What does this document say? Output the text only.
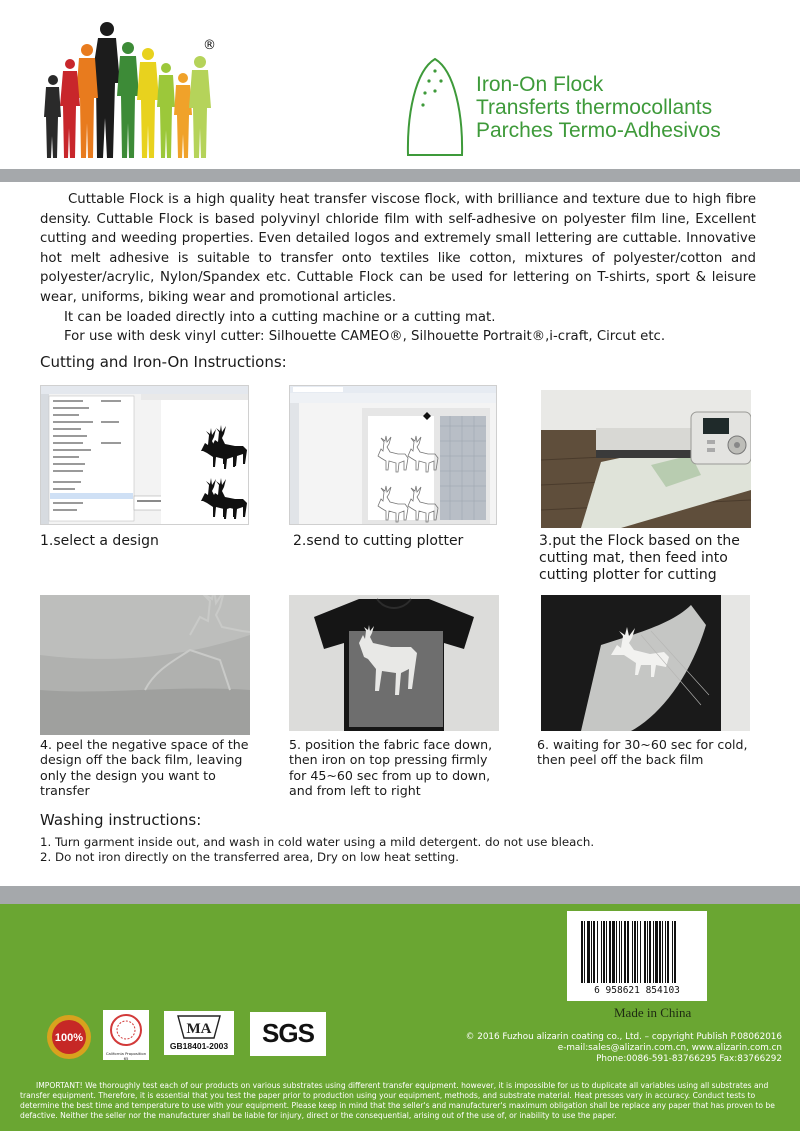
®
Iron-On Flock
Transferts thermocollants
Parches Termo-Adhesivos

Cuttable Flock is a high quality heat transfer viscose flock, with brilliance and texture due to high fibre density. Cuttable Flock is based polyvinyl chloride film with self-adhesive on polyester film line, Excellent cutting and weeding properties. Even detailed logos and extremely small lettering are cuttable. Innovative hot melt adhesive is suitable to transfer onto textiles like cotton, mixtures of polyester/cotton and polyester/acrylic, Nylon/Spandex etc. Cuttable Flock can be used for lettering on T-shirts, sport & leisure wear, uniforms, biking wear and promotional articles.

It can be loaded directly into a cutting machine or a cutting mat.
For use with desk vinyl cutter: Silhouette CAMEO®, Silhouette Portrait®,i-craft, Circut etc.
Cutting and Iron-On Instructions:
1.select a design	2.send to cutting plotter	3.put the Flock based on the cutting mat, then feed into cutting plotter for cutting
4. peel the negative space of the design off the back film, leaving only the design you want to transfer
5. position the fabric face down, then iron on top pressing firmly for 45~60 sec from up to down, and from left to right
6. waiting for 30~60 sec for cold, then peel off the back film
Washing instructions:
1. Turn garment inside out, and wash in cold water using a mild detergent. do not use bleach.
2. Do not iron directly on the transferred area, Dry on low heat setting.
6 958621 854103
Made in China
100%
California Proposition 65
MA
GB18401-2003	SGS	© 2016 Fuzhou alizarin coating co., Ltd. – copyright Publish P.08062016
e-mail:sales@alizarin.com.cn, www.alizarin.com.cn
Phone:0086-591-83766295 Fax:83766292
IMPORTANT! We thoroughly test each of our products on various substrates using different transfer equipment. however, it is impossible for us to duplicate all variables using all substrates and transfer equipment. Therefore, it is essential that you test the paper prior to production using your equipment, methods, and substrate material. Heat presses vary in accuracy. Conduct tests to determine the best time and temperature to use with your equipment. Please keep in mind that the seller's and manufacturer's maximum obligation shall be replace any paper that has proven to be defactive. Neither the seller nor the manufacturer shall be liable for injury, direct or the consequential, arising out of the use of, or inability to use the paper.
